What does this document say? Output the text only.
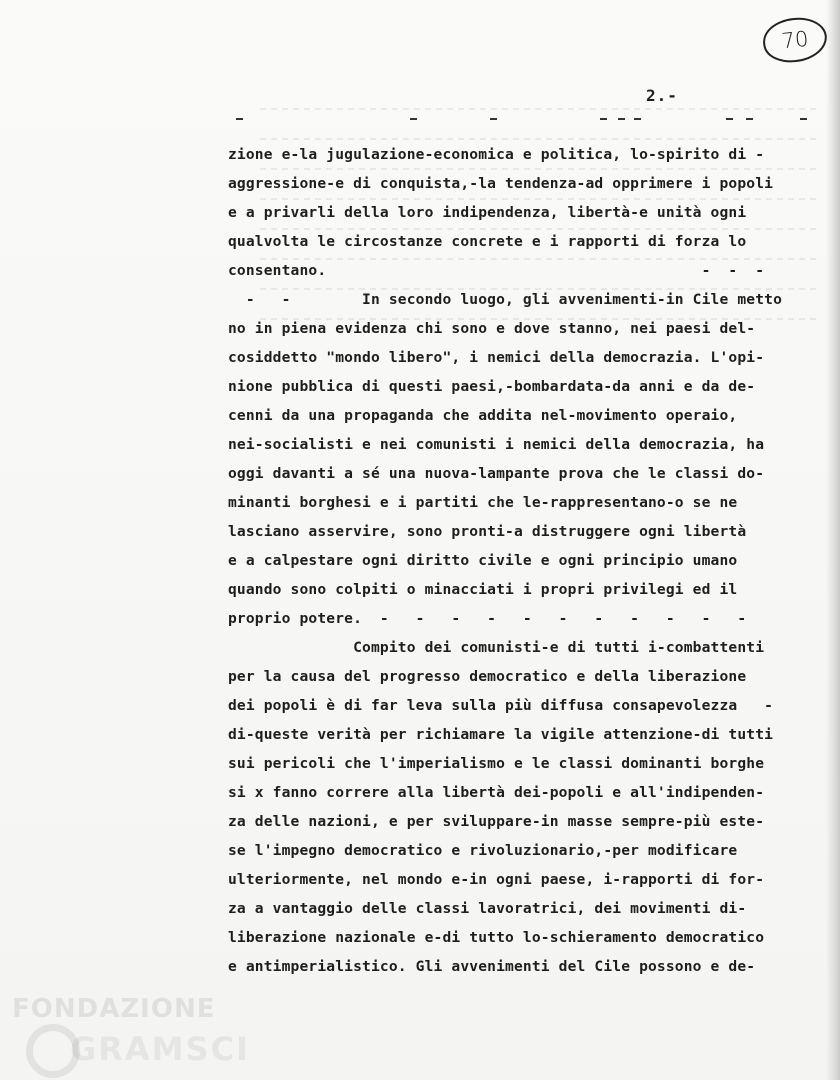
FONDAZIONE
GRAMSCI
70
2.-
zione e-la jugulazione-economica e politica, lo-spirito di -
aggressione-e di conquista,-la tendenza-ad opprimere i popoli
e a privarli della loro indipendenza, libertà-e unità ogni
qualvolta le circostanze concrete e i rapporti di forza lo
consentano.                                          -  -  -
-   -        In secondo luogo, gli avvenimenti-in Cile metto
no in piena evidenza chi sono e dove stanno, nei paesi del-
cosiddetto "mondo libero", i nemici della democrazia. L'opi-
nione pubblica di questi paesi,-bombardata-da anni e da de-
cenni da una propaganda che addita nel-movimento operaio,
nei-socialisti e nei comunisti i nemici della democrazia, ha
oggi davanti a sé una nuova-lampante prova che le classi do-
minanti borghesi e i partiti che le-rappresentano-o se ne
lasciano asservire, sono pronti-a distruggere ogni libertà
e a calpestare ogni diritto civile e ogni principio umano
quando sono colpiti o minacciati i propri privilegi ed il
proprio potere.  -   -   -   -   -   -   -   -   -   -   -
Compito dei comunisti-e di tutti i-combattenti
per la causa del progresso democratico e della liberazione
dei popoli è di far leva sulla più diffusa consapevolezza   -
di-queste verità per richiamare la vigile attenzione-di tutti
sui pericoli che l'imperialismo e le classi dominanti borghe
si x fanno correre alla libertà dei-popoli e all'indipenden-
za delle nazioni, e per sviluppare-in masse sempre-più este-
se l'impegno democratico e rivoluzionario,-per modificare
ulteriormente, nel mondo e-in ogni paese, i-rapporti di for-
za a vantaggio delle classi lavoratrici, dei movimenti di-
liberazione nazionale e-di tutto lo-schieramento democratico
e antimperialistico. Gli avvenimenti del Cile possono e de-
